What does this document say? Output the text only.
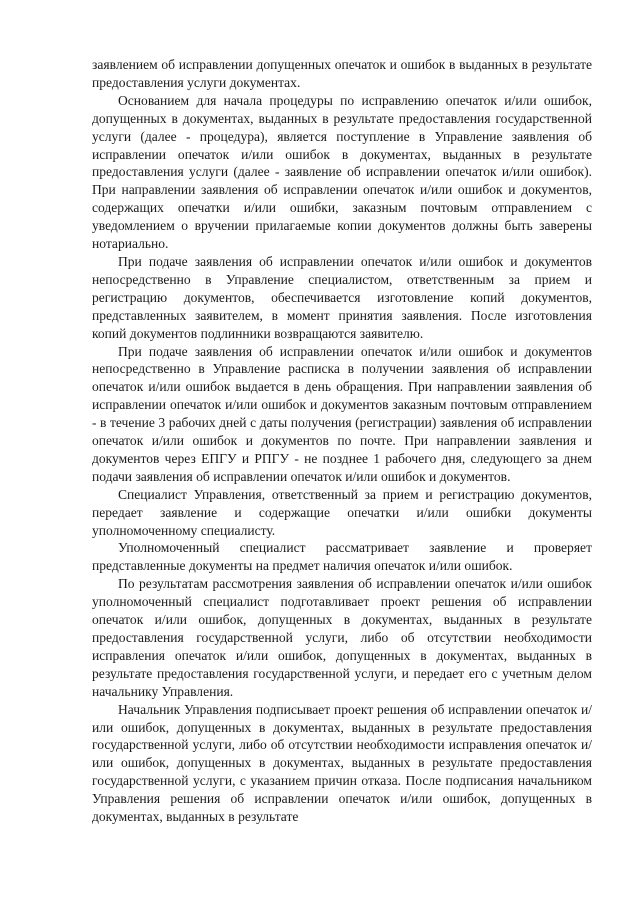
заявлением об исправлении допущенных опечаток и ошибок в выданных в результате предоставления услуги документах.

Основанием для начала процедуры по исправлению опечаток и/или ошибок, допущенных в документах, выданных в результате предоставления государственной услуги (далее - процедура), является поступление в Управление заявления об исправлении опечаток и/или ошибок в документах, выданных в результате предоставления услуги (далее - заявление об исправлении опечаток и/или ошибок). При направлении заявления об исправлении опечаток и/или ошибок и документов, содержащих опечатки и/или ошибки, заказным почтовым отправлением с уведомлением о вручении прилагаемые копии документов должны быть заверены нотариально.

При подаче заявления об исправлении опечаток и/или ошибок и документов непосредственно в Управление специалистом, ответственным за прием и регистрацию документов, обеспечивается изготовление копий документов, представленных заявителем, в момент принятия заявления. После изготовления копий документов подлинники возвращаются заявителю.

При подаче заявления об исправлении опечаток и/или ошибок и документов непосредственно в Управление расписка в получении заявления об исправлении опечаток и/или ошибок выдается в день обращения. При направлении заявления об исправлении опечаток и/или ошибок и документов заказным почтовым отправлением - в течение 3 рабочих дней с даты получения (регистрации) заявления об исправлении опечаток и/или ошибок и документов по почте. При направлении заявления и документов через ЕПГУ и РПГУ - не позднее 1 рабочего дня, следующего за днем подачи заявления об исправлении опечаток и/или ошибок и документов.

Специалист Управления, ответственный за прием и регистрацию документов, передает заявление и содержащие опечатки и/или ошибки документы уполномоченному специалисту.

Уполномоченный специалист рассматривает заявление и проверяет представленные документы на предмет наличия опечаток и/или ошибок.

По результатам рассмотрения заявления об исправлении опечаток и/или ошибок уполномоченный специалист подготавливает проект решения об исправлении опечаток и/или ошибок, допущенных в документах, выданных в результате предоставления государственной услуги, либо об отсутствии необходимости исправления опечаток и/или ошибок, допущенных в документах, выданных в результате предоставления государственной услуги, и передает его с учетным делом начальнику Управления.

Начальник Управления подписывает проект решения об исправлении опечаток и/или ошибок, допущенных в документах, выданных в результате предоставления государственной услуги, либо об отсутствии необходимости исправления опечаток и/или ошибок, допущенных в документах, выданных в результате предоставления государственной услуги, с указанием причин отказа. После подписания начальником Управления решения об исправлении опечаток и/или ошибок, допущенных в документах, выданных в результате
